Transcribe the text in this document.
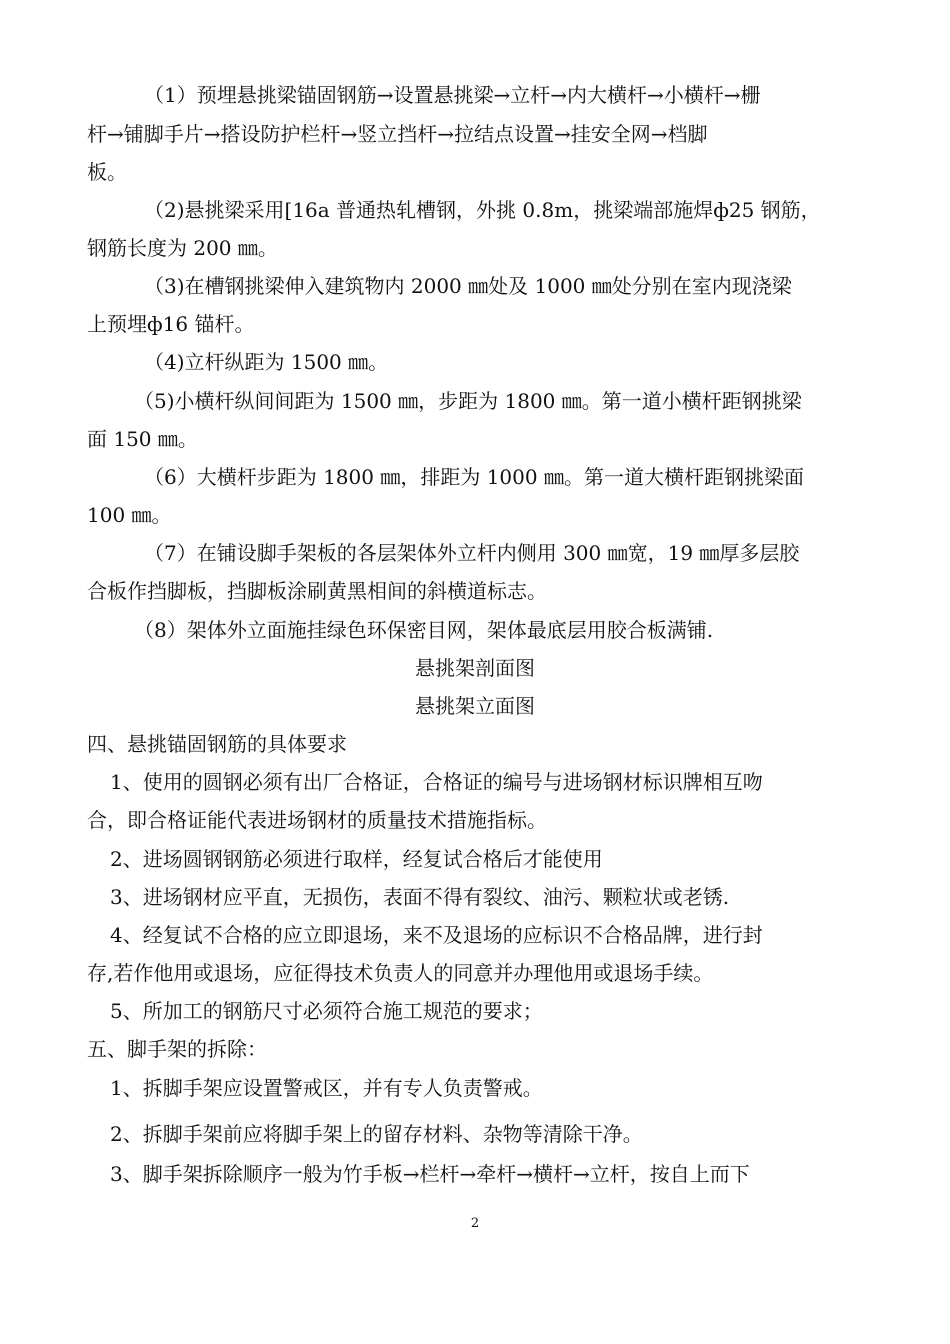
（1）预埋悬挑梁锚固钢筋→设置悬挑梁→立杆→内大横杆→小横杆→栅
杆→铺脚手片→搭设防护栏杆→竖立挡杆→拉结点设置→挂安全网→档脚
板。
（2)悬挑梁采用[16a 普通热轧槽钢，外挑 0.8m，挑梁端部施焊ф25 钢筋，
钢筋长度为 200 ㎜。
（3)在槽钢挑梁伸入建筑物内 2000 ㎜处及 1000 ㎜处分别在室内现浇梁
上预埋ф16 锚杆。
（4)立杆纵距为 1500 ㎜。
（5)小横杆纵间间距为 1500 ㎜，步距为 1800 ㎜。第一道小横杆距钢挑梁
面 150 ㎜。
（6）大横杆步距为 1800 ㎜，排距为 1000 ㎜。第一道大横杆距钢挑梁面
100 ㎜。
（7）在铺设脚手架板的各层架体外立杆内侧用 300 ㎜宽，19 ㎜厚多层胶
合板作挡脚板，挡脚板涂刷黄黑相间的斜横道标志。
（8）架体外立面施挂绿色环保密目网，架体最底层用胶合板满铺.
悬挑架剖面图
悬挑架立面图
四、悬挑锚固钢筋的具体要求
1、使用的圆钢必须有出厂合格证，合格证的编号与进场钢材标识牌相互吻
合，即合格证能代表进场钢材的质量技术措施指标。
2、进场圆钢钢筋必须进行取样，经复试合格后才能使用
3、进场钢材应平直，无损伤，表面不得有裂纹、油污、颗粒状或老锈.
4、经复试不合格的应立即退场，来不及退场的应标识不合格品牌，进行封
存,若作他用或退场，应征得技术负责人的同意并办理他用或退场手续。
5、所加工的钢筋尺寸必须符合施工规范的要求；
五、脚手架的拆除：
1、拆脚手架应设置警戒区，并有专人负责警戒。
2、拆脚手架前应将脚手架上的留存材料、杂物等清除干净。
3、脚手架拆除顺序一般为竹手板→栏杆→牵杆→横杆→立杆，按自上而下
2
